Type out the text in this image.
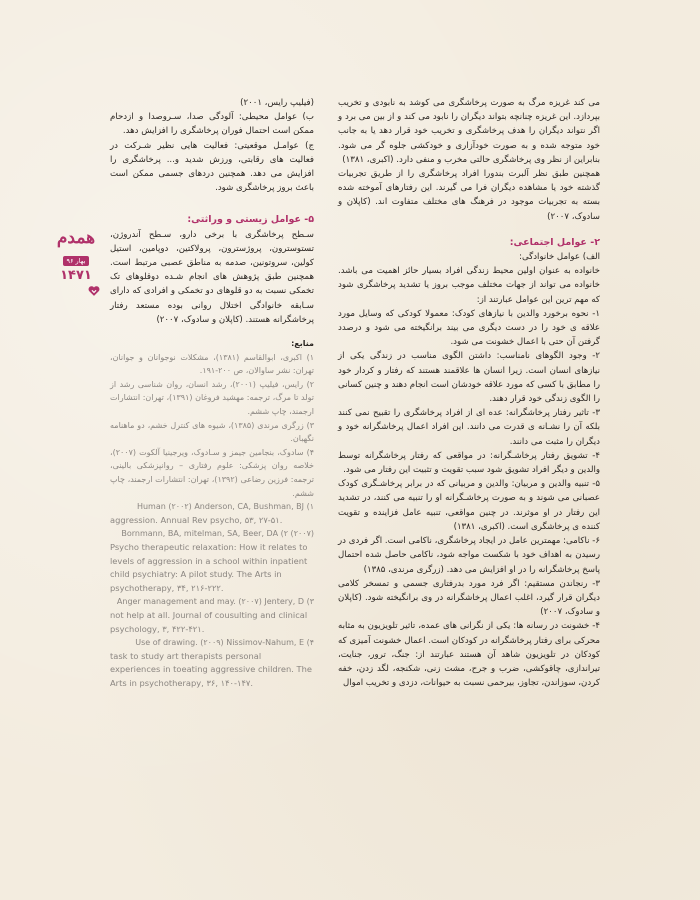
می کند غریزه مرگ به صورت پرخاشگری می کوشد به نابودی و تخریب بپردازد. این غریزه چنانچه بتواند دیگران را نابود می کند و از بین می برد و اگر نتواند دیگران را هدف پرخاشگری و تخریب خود قرار دهد یا به جانب خود متوجه شده و به صورت خودآزاری و خودکشی جلوه گر می شود. بنابراین از نظر وی پرخاشگری حالتی مخرب و منفی دارد. (اکبری، ۱۳۸۱)

همچنین طبق نظر آلبرت بندورا افراد پرخاشگری را از طریق تجربیات گذشته خود یا مشاهده دیگران فرا می گیرند. این رفتارهای آموخته شده بسته به تجربیات موجود در فرهنگ های مختلف متفاوت اند. (کاپلان و سادوک، ۲۰۰۷)

۲- عوامل اجتماعی:

الف) عوامل خانوادگی:

خانواده به عنوان اولین محیط زندگی افراد بسیار حائز اهمیت می باشد. خانواده می تواند از جهات مختلف موجب بروز یا تشدید پرخاشگری شود که مهم ترین این عوامل عبارتند از:

۱- نحوه برخورد والدین با نیازهای کودک: معمولا کودکی که وسایل مورد علاقه ی خود را در دست دیگری می بیند برانگیخته می شود و درصدد گرفتن آن حتی با اعمال خشونت می شود.

۲- وجود الگوهای نامناسب: داشتن الگوی مناسب در زندگی یکی از نیازهای انسان است. زیرا انسان ها علاقمند هستند که رفتار و کردار خود را مطابق با کسی که مورد علاقه خودشان است انجام دهند و چنین کسانی را الگوی زندگی خود قرار دهند.

۳- تاثیر رفتار پرخاشگرانه: عده ای از افراد پرخاشگری را تقبیح نمی کنند بلکه آن را نشـانه ی قدرت می دانند. این افراد اعمال پرخاشگرانه خود و دیگران را مثبت می دانند.

۴- تشویق رفتار پرخاشـگرانه: در مواقعی که رفتار پرخاشگرانه توسط والدین و دیگر افراد تشویق شود سبب تقویت و تثبیت این رفتار می شود.

۵- تنبیه والدین و مربیان: والدین و مربیانی که در برابر پرخاشـگری کودک عصبانی می شوند و به صورت پرخاشـگرانه او را تنبیه می کنند، در تشدید این رفتار در او موثرند. در چنین مواقعی، تنبیه عامل فزاینده و تقویت کننده ی پرخاشگری است. (اکبری، ۱۳۸۱)

۶- ناکامی: مهمترین عامل در ایجاد پرخاشگری، ناکامی است. اگر فردی در رسیدن به اهداف خود با شکست مواجه شود، ناکامی حاصل شده احتمال پاسخ پرخاشگرانه را در او افزایش می دهد. (زرگری مرندی، ۱۳۸۵)

۳- رنجاندن مستقیم: اگر فرد مورد بدرفتاری جسمی و تمسخر کلامی دیگران قرار گیرد، اغلب اعمال پرخاشگرانه در وی برانگیخته شود. (کاپلان و سادوک، ۲۰۰۷)

۴- خشونت در رسانه ها: یکی از نگرانی های عمده، تاثیر تلویزیون به مثابه محرکی برای رفتار پرخاشگرانه در کودکان است. اعمال خشونت آمیزی که کودکان در تلویزیون شاهد آن هستند عبارتند از: جنگ، ترور، جنایت، تیراندازی، چاقوکشی، ضرب و جرح، مشت زنی، شکنجه، لگد زدن، خفه کردن، سوزاندن، تجاوز، بیرحمی نسبت به حیوانات، دزدی و تخریب اموال

(فیلیپ رایس، ۲۰۰۱)

ب) عوامل محیطی: آلودگی صدا، سـروصدا و ازدحام ممکن است احتمال فوران پرخاشگری را افزایش دهد.

ج) عوامـل موقعیتی: فعالیت هایی نظیر شـرکت در فعالیت های رقابتی، ورزش شدید و... پرخاشگری را افزایش می دهد. همچنین دردهای جسمی ممکن است باعث بروز پرخاشگری شود.

۵- عوامل زیستی و وراثتی:

سـطح پرخاشگری با برخی دارو، سـطح آندروژن، تستوسترون، پروژسترون، پرولاکتین، دوپامین، استیل کولین، سروتونین، صدمه به مناطق عصبی مرتبط است. همچنین طبق پژوهش های انجام شـده دوقلوهای تک تخمکی نسبت به دو قلوهای دو تخمکی و افرادی که دارای سـابقه خانوادگی اختلال روانی بوده مستعد رفتار پرخاشگرانه هستند. (کاپلان و سادوک، ۲۰۰۷)

منابع:

۱) اکبری، ابوالقاسم (۱۳۸۱)، مشکلات نوجوانان و جوانان، تهران: نشر ساوالان، ص ۲۰۰-۱۹۱.

۲) رایس، فیلیپ (۲۰۰۱)، رشد انسان، روان شناسی رشد از تولد تا مرگ، ترجمه: مهشید فروغان (۱۳۹۱)، تهران: انتشارات ارجمند، چاپ ششم.

۳) زرگری مرندی (۱۳۸۵)، شیوه های کنترل خشم، دو ماهنامه نگهبان.

۴) سادوک، بنجامین جیمز و سـادوک، ویرجینیا آلکوت (۲۰۰۷)، خلاصه روان پزشکی: علوم رفتاری – روانپزشکی بالینی، ترجمه: فرزین رضاعی (۱۳۹۲)، تهران: انتشارات ارجمند، چاپ ششم.

Human (۲۰۰۲) Anderson, CA, Bushman, BJ (۱

aggression. Annual Rev psycho, ۵۳, ۲۷-۵۱.

(۲۰۰۷) Bornmann, BA, mitelman, SA, Beer, DA (۲

Psycho therapeutic relaxation: How it relates to levels of aggression in a school within inpatient child psychiatry: A pilot study. The Arts in psychotherapy, ۳۴, ۲۱۶-۲۲۲.

Anger management and may. (۲۰۰۷) Jentery, D (۳

not help at all. Journal of cousulting and clinical psychology, ۳, ۴۲۲-۴۲۱.

Use of drawing. (۲۰۰۹) Nissimov-Nahum, E (۴

task to study art therapists personal experiences in toeating aggressive children. The Arts in psychotherapy, ۳۶, ۱۴۰-۱۴۷.

همدم
بهار ۹۶
۱۴۷۱
